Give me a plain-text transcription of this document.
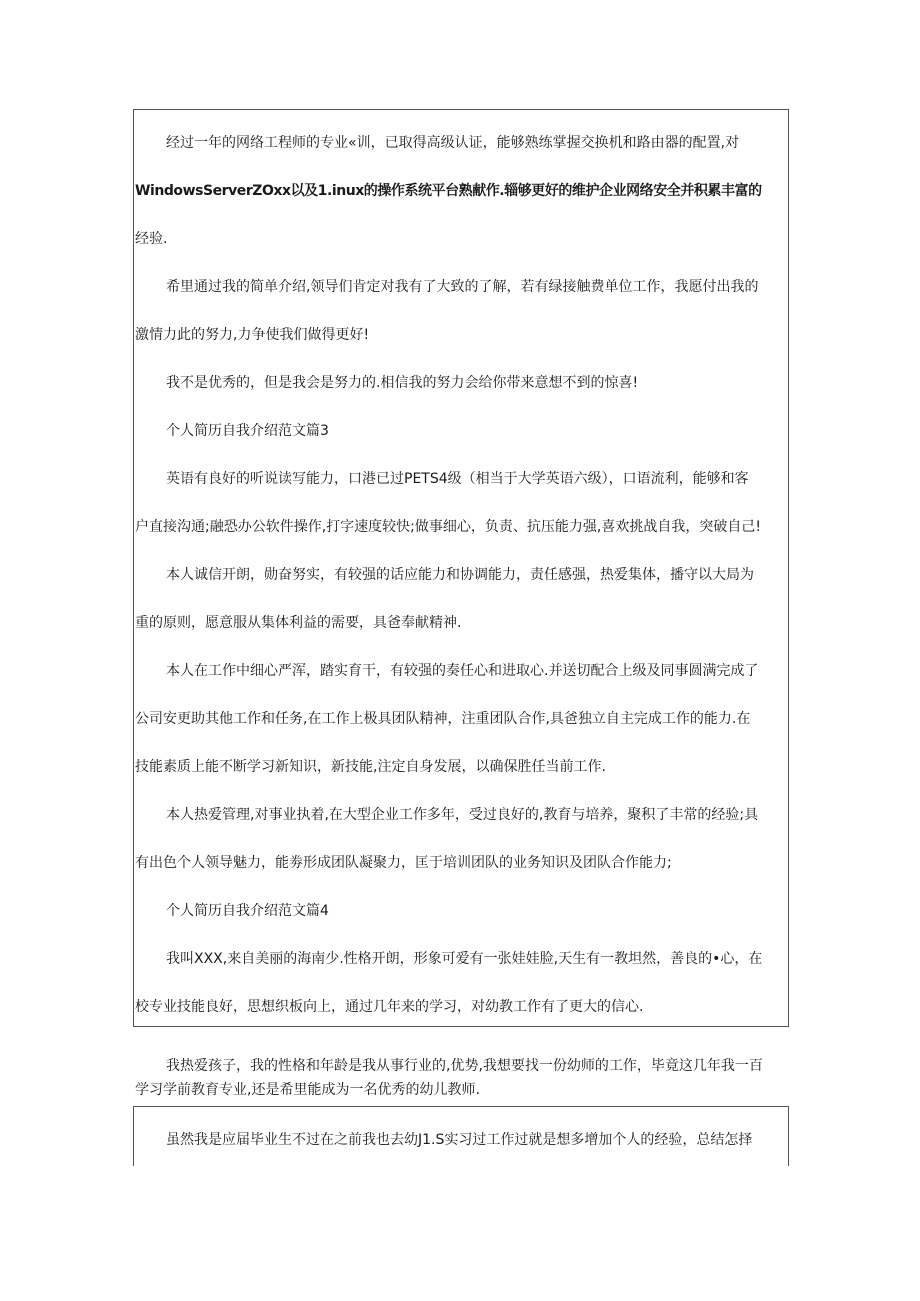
经过一年的网络工程师的专业«训，已取得高级认证，能够熟练掌握交换机和路由器的配置,对
WindowsServerZOxx以及1.inux的操作系统平台熟献作.辎够更好的维护企业网络安全并积累丰富的
经验.
希里通过我的简单介绍,领导们肯定对我有了大致的了解，若有绿接触费单位工作，我愿付出我的
激情力此的努力,力争使我们做得更好!
我不是优秀的，但是我会是努力的.相信我的努力会给你带来意想不到的惊喜!
个人简历自我介绍范文篇3
英语有良好的听说读写能力，口港已过PETS4级（相当于大学英语六级），口语流利，能够和客
户直接沟通;融恐办公软件操作,打字速度较快;做事细心，负责、抗压能力强,喜欢挑战自我，突破自己!
本人诚信开朗，勋奋努实，有较强的话应能力和协调能力，责任感强，热爱集体，播守以大局为
重的原则，愿意服从集体利益的需要，具爸奉献精神.
本人在工作中细心严浑，踏实育干，有较强的奏任心和进取心.并送切配合上级及同事圆满完成了
公司安更助其他工作和任务,在工作上极具团队精神，注重团队合作,具爸独立自主完成工作的能力.在
技能素质上能不断学习新知识，新技能,注定自身发展，以确保胜任当前工作.
本人热爱管理,对事业执着,在大型企业工作多年，受过良好的,教育与培养，聚积了丰常的经验;具
有出色个人领导魅力，能劵形成团队凝聚力，匡于培训团队的业务知识及团队合作能力;
个人简历自我介绍范文篇4
我叫XXX,来自美丽的海南少.性格开朗，形象可爱有一张娃娃脸,天生有一教坦然，善良的•心，在
校专业技能良好，思想织板向上，通过几年来的学习，对幼教工作有了更大的信心.
我热爱孩子，我的性格和年龄是我从事行业的,优势,我想要找一份幼师的工作，毕竟这几年我一百
学习学前教育专业,还是希里能成为一名优秀的幼儿教师.
虽然我是应届毕业生不过在之前我也去幼J1.S实习过工作过就是想多增加个人的经验，总结怎择
